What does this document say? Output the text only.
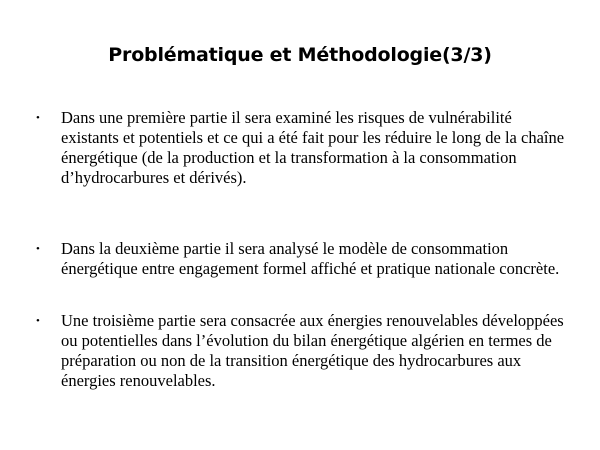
Problématique et Méthodologie(3/3)
• Dans une première partie il sera examiné les risques de vulnérabilité existants et potentiels et ce qui a été fait pour les réduire le long de la chaîne énergétique (de la production et la transformation à la consommation d’hydrocarbures et dérivés).
• Dans la deuxième partie il sera analysé le modèle de consommation énergétique entre engagement formel affiché et pratique nationale concrète.
• Une troisième partie sera consacrée aux énergies renouvelables développées ou potentielles dans l’évolution du bilan énergétique algérien en termes de préparation ou non de la transition énergétique des hydrocarbures aux énergies renouvelables.
